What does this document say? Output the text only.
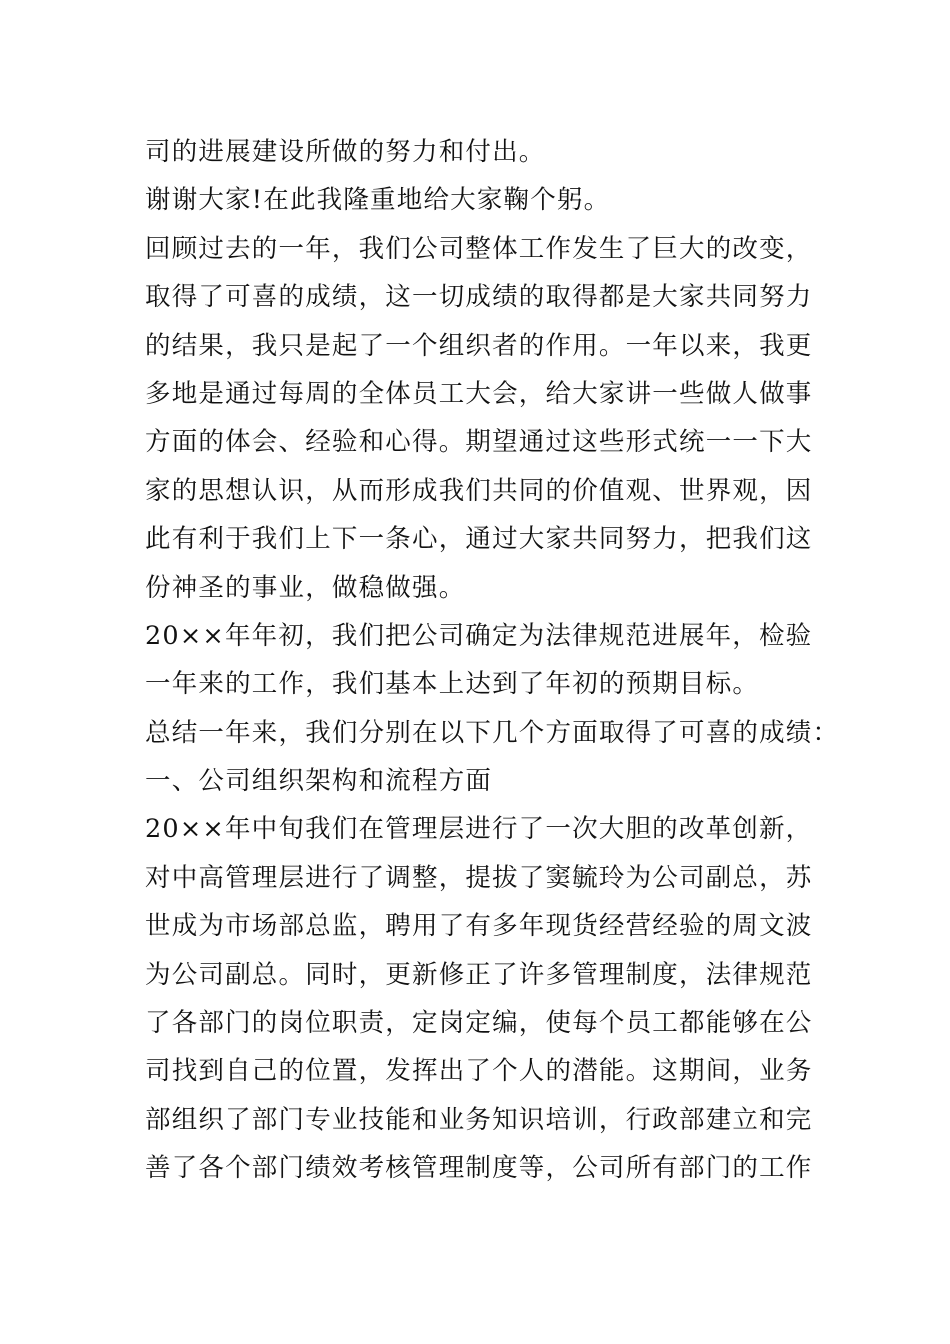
司的进展建设所做的努力和付出。
谢谢大家!在此我隆重地给大家鞠个躬。
回顾过去的一年，我们公司整体工作发生了巨大的改变，
取得了可喜的成绩，这一切成绩的取得都是大家共同努力
的结果，我只是起了一个组织者的作用。一年以来，我更
多地是通过每周的全体员工大会，给大家讲一些做人做事
方面的体会、经验和心得。期望通过这些形式统一一下大
家的思想认识，从而形成我们共同的价值观、世界观，因
此有利于我们上下一条心，通过大家共同努力，把我们这
份神圣的事业，做稳做强。
20××年年初，我们把公司确定为法律规范进展年，检验
一年来的工作，我们基本上达到了年初的预期目标。
总结一年来，我们分别在以下几个方面取得了可喜的成绩：
一、公司组织架构和流程方面
20××年中旬我们在管理层进行了一次大胆的改革创新，
对中高管理层进行了调整，提拔了窦毓玲为公司副总，苏
世成为市场部总监，聘用了有多年现货经营经验的周文波
为公司副总。同时，更新修正了许多管理制度，法律规范
了各部门的岗位职责，定岗定编，使每个员工都能够在公
司找到自己的位置，发挥出了个人的潜能。这期间，业务
部组织了部门专业技能和业务知识培训，行政部建立和完
善了各个部门绩效考核管理制度等，公司所有部门的工作
